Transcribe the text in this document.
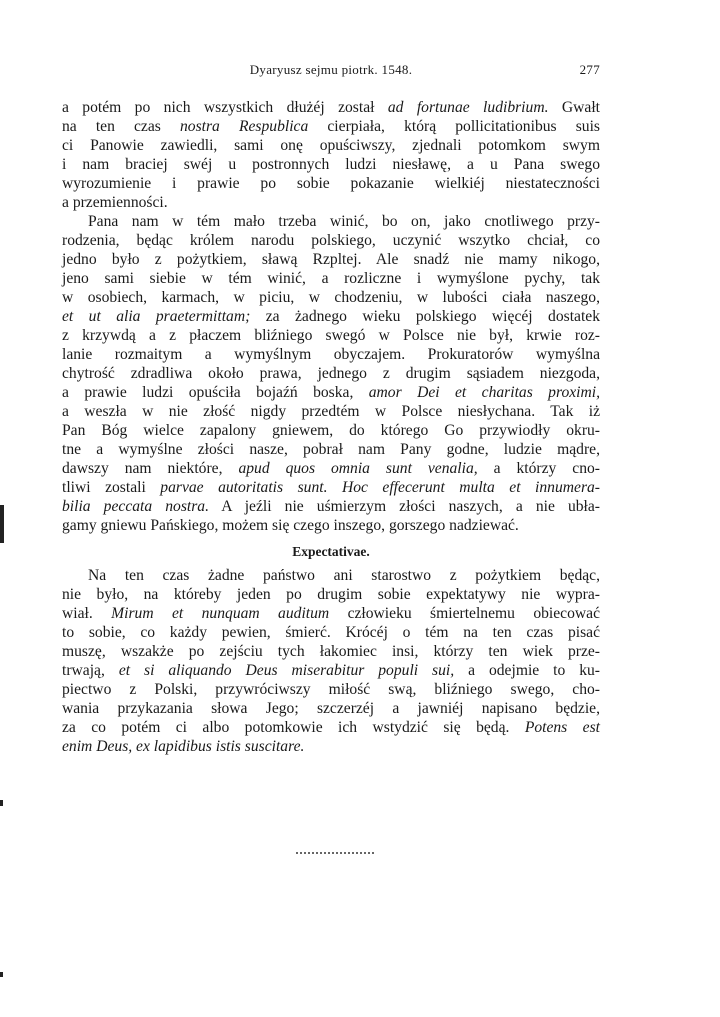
Dyaryusz sejmu piotrk. 1548.	277
a potém po nich wszystkich dłużéj został ad fortunae ludibrium. Gwałt
na ten czas nostra Respublica cierpiała, którą pollicitationibus suis
ci Panowie zawiedli, sami onę opuściwszy, zjednali potomkom swym
i nam braciej swéj u postronnych ludzi niesławę, a u Pana swego
wyrozumienie i prawie po sobie pokazanie wielkiéj niestateczności
a przemienności.
Pana nam w tém mało trzeba winić, bo on, jako cnotliwego przy-
rodzenia, będąc królem narodu polskiego, uczynić wszytko chciał, co
jedno było z pożytkiem, sławą Rzpltej. Ale snadź nie mamy nikogo,
jeno sami siebie w tém winić, a rozliczne i wymyślone pychy, tak
w osobiech, karmach, w piciu, w chodzeniu, w lubości ciała naszego,
et ut alia praetermittam; za żadnego wieku polskiego więcéj dostatek
z krzywdą a z płaczem bliźniego swegó w Polsce nie był, krwie roz-
lanie rozmaitym a wymyślnym obyczajem. Prokuratorów wymyślna
chytrość zdradliwa około prawa, jednego z drugim sąsiadem niezgoda,
a prawie ludzi opuściła bojaźń boska, amor Dei et charitas proximi,
a weszła w nie złość nigdy przedtém w Polsce niesłychana. Tak iż
Pan Bóg wielce zapalony gniewem, do którego Go przywiodły okru-
tne a wymyślne złości nasze, pobrał nam Pany godne, ludzie mądre,
dawszy nam niektóre, apud quos omnia sunt venalia, a którzy cno-
tliwi zostali parvae autoritatis sunt. Hoc effecerunt multa et innumera-
bilia peccata nostra. A jeźli nie uśmierzym złości naszych, a nie ubła-
gamy gniewu Pańskiego, możem się czego inszego, gorszego nadziewać.
Expectativae.
Na ten czas żadne państwo ani starostwo z pożytkiem będąc,
nie było, na któreby jeden po drugim sobie expektatywy nie wypra-
wiał. Mirum et nunquam auditum człowieku śmiertelnemu obiecować
to sobie, co każdy pewien, śmierć. Krócéj o tém na ten czas pisać
muszę, wszakże po zejściu tych łakomiec insi, którzy ten wiek prze-
trwają, et si aliquando Deus miserabitur populi sui, a odejmie to ku-
piectwo z Polski, przywróciwszy miłość swą, bliźniego swego, cho-
wania przykazania słowa Jego; szczerzéj a jawniéj napisano będzie,
za co potém ci albo potomkowie ich wstydzić się będą. Potens est
enim Deus, ex lapidibus istis suscitare.
